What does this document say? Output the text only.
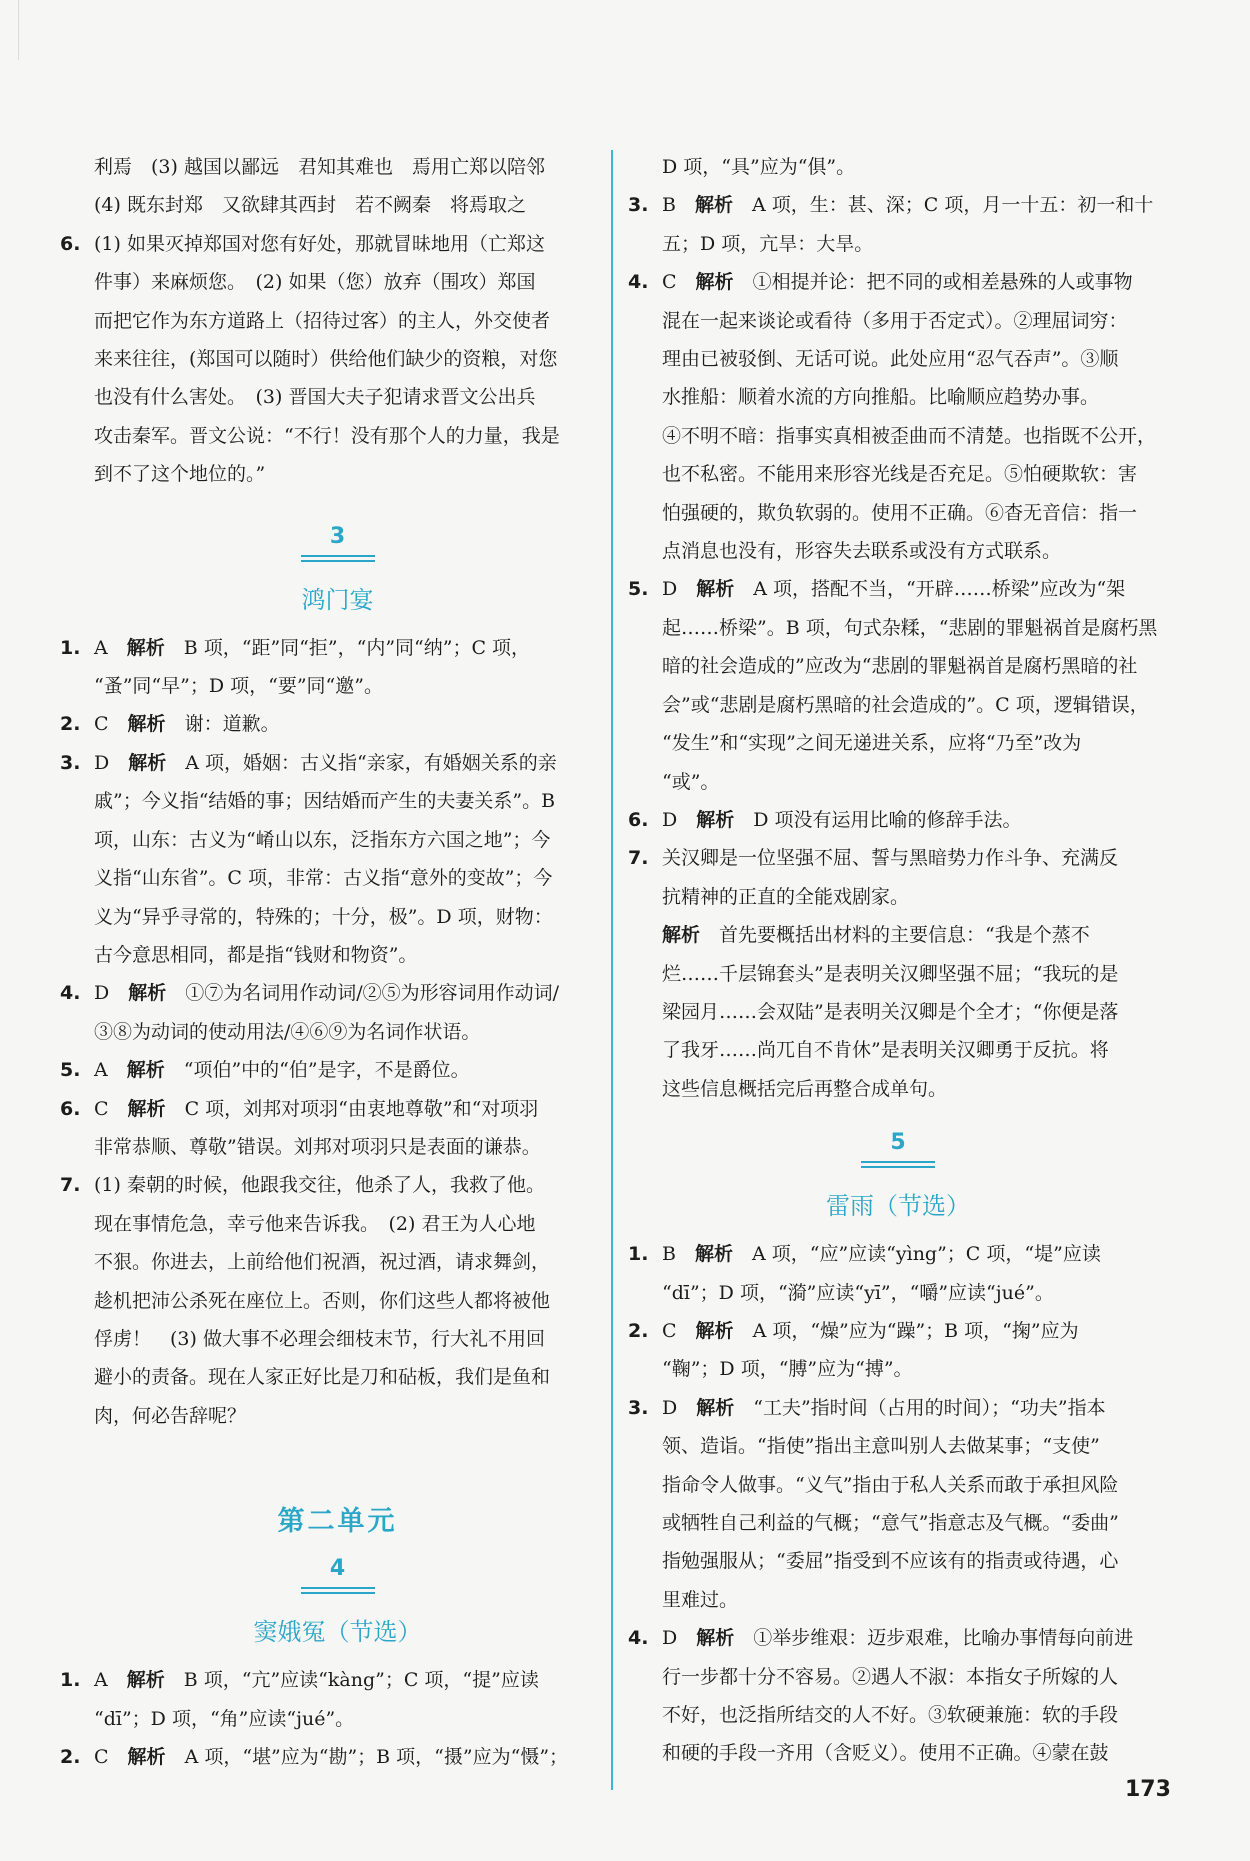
利焉　(3) 越国以鄙远　君知其难也　焉用亡郑以陪邻

(4) 既东封郑　又欲肆其西封　若不阙秦　将焉取之

6. (1) 如果灭掉郑国对您有好处，那就冒昧地用（亡郑这

件事）来麻烦您。　(2) 如果（您）放弃（围攻）郑国

而把它作为东方道路上（招待过客）的主人，外交使者

来来往往，(郑国可以随时）供给他们缺少的资粮，对您

也没有什么害处。　(3) 晋国大夫子犯请求晋文公出兵

攻击秦军。晋文公说：“不行！没有那个人的力量，我是

到不了这个地位的。”

3
鸿门宴
1. A　解析　B 项，“距”同“拒”，“内”同“纳”；C 项，

“蚤”同“早”；D 项，“要”同“邀”。

2. C　解析　谢：道歉。

3. D　解析　A 项，婚姻：古义指“亲家，有婚姻关系的亲

戚”；今义指“结婚的事；因结婚而产生的夫妻关系”。B

项，山东：古义为“崤山以东，泛指东方六国之地”；今

义指“山东省”。C 项，非常：古义指“意外的变故”；今

义为“异乎寻常的，特殊的；十分，极”。D 项，财物：

古今意思相同，都是指“钱财和物资”。

4. D　解析　①⑦为名词用作动词/②⑤为形容词用作动词/

③⑧为动词的使动用法/④⑥⑨为名词作状语。

5. A　解析　“项伯”中的“伯”是字，不是爵位。

6. C　解析　C 项，刘邦对项羽“由衷地尊敬”和“对项羽

非常恭顺、尊敬”错误。刘邦对项羽只是表面的谦恭。

7. (1) 秦朝的时候，他跟我交往，他杀了人，我救了他。

现在事情危急，幸亏他来告诉我。　(2) 君王为人心地

不狠。你进去，上前给他们祝酒，祝过酒，请求舞剑，

趁机把沛公杀死在座位上。否则，你们这些人都将被他

俘虏！　(3) 做大事不必理会细枝末节，行大礼不用回

避小的责备。现在人家正好比是刀和砧板，我们是鱼和

肉，何必告辞呢？

第二单元
4
窦娥冤（节选）
1. A　解析　B 项，“亢”应读“kàng”；C 项，“提”应读

“dī”；D 项，“角”应读“jué”。

2. C　解析　A 项，“堪”应为“勘”；B 项，“摄”应为“慑”；

D 项，“具”应为“俱”。

3. B　解析　A 项，生：甚、深；C 项，月一十五：初一和十

五；D 项，亢旱：大旱。

4. C　解析　①相提并论：把不同的或相差悬殊的人或事物

混在一起来谈论或看待（多用于否定式）。②理屈词穷：

理由已被驳倒、无话可说。此处应用“忍气吞声”。③顺

水推船：顺着水流的方向推船。比喻顺应趋势办事。

④不明不暗：指事实真相被歪曲而不清楚。也指既不公开，

也不私密。不能用来形容光线是否充足。⑤怕硬欺软：害

怕强硬的，欺负软弱的。使用不正确。⑥杳无音信：指一

点消息也没有，形容失去联系或没有方式联系。

5. D　解析　A 项，搭配不当，“开辟……桥梁”应改为“架

起……桥梁”。B 项，句式杂糅，“悲剧的罪魁祸首是腐朽黑

暗的社会造成的”应改为“悲剧的罪魁祸首是腐朽黑暗的社

会”或“悲剧是腐朽黑暗的社会造成的”。C 项，逻辑错误，

“发生”和“实现”之间无递进关系，应将“乃至”改为

“或”。

6. D　解析　D 项没有运用比喻的修辞手法。

7. 关汉卿是一位坚强不屈、誓与黑暗势力作斗争、充满反

抗精神的正直的全能戏剧家。

解析　首先要概括出材料的主要信息：“我是个蒸不

烂……千层锦套头”是表明关汉卿坚强不屈；“我玩的是

梁园月……会双陆”是表明关汉卿是个全才；“你便是落

了我牙……尚兀自不肯休”是表明关汉卿勇于反抗。将

这些信息概括完后再整合成单句。

5
雷雨（节选）
1. B　解析　A 项，“应”应读“yìng”；C 项，“堤”应读

“dī”；D 项，“漪”应读“yī”，“嚼”应读“jué”。

2. C　解析　A 项，“燥”应为“躁”；B 项，“掬”应为

“鞠”；D 项，“膊”应为“搏”。

3. D　解析　“工夫”指时间（占用的时间）；“功夫”指本

领、造诣。“指使”指出主意叫别人去做某事；“支使”

指命令人做事。“义气”指由于私人关系而敢于承担风险

或牺牲自己利益的气概；“意气”指意志及气概。“委曲”

指勉强服从；“委屈”指受到不应该有的指责或待遇，心

里难过。

4. D　解析　①举步维艰：迈步艰难，比喻办事情每向前进

行一步都十分不容易。②遇人不淑：本指女子所嫁的人

不好，也泛指所结交的人不好。③软硬兼施：软的手段

和硬的手段一齐用（含贬义）。使用不正确。④蒙在鼓

173
